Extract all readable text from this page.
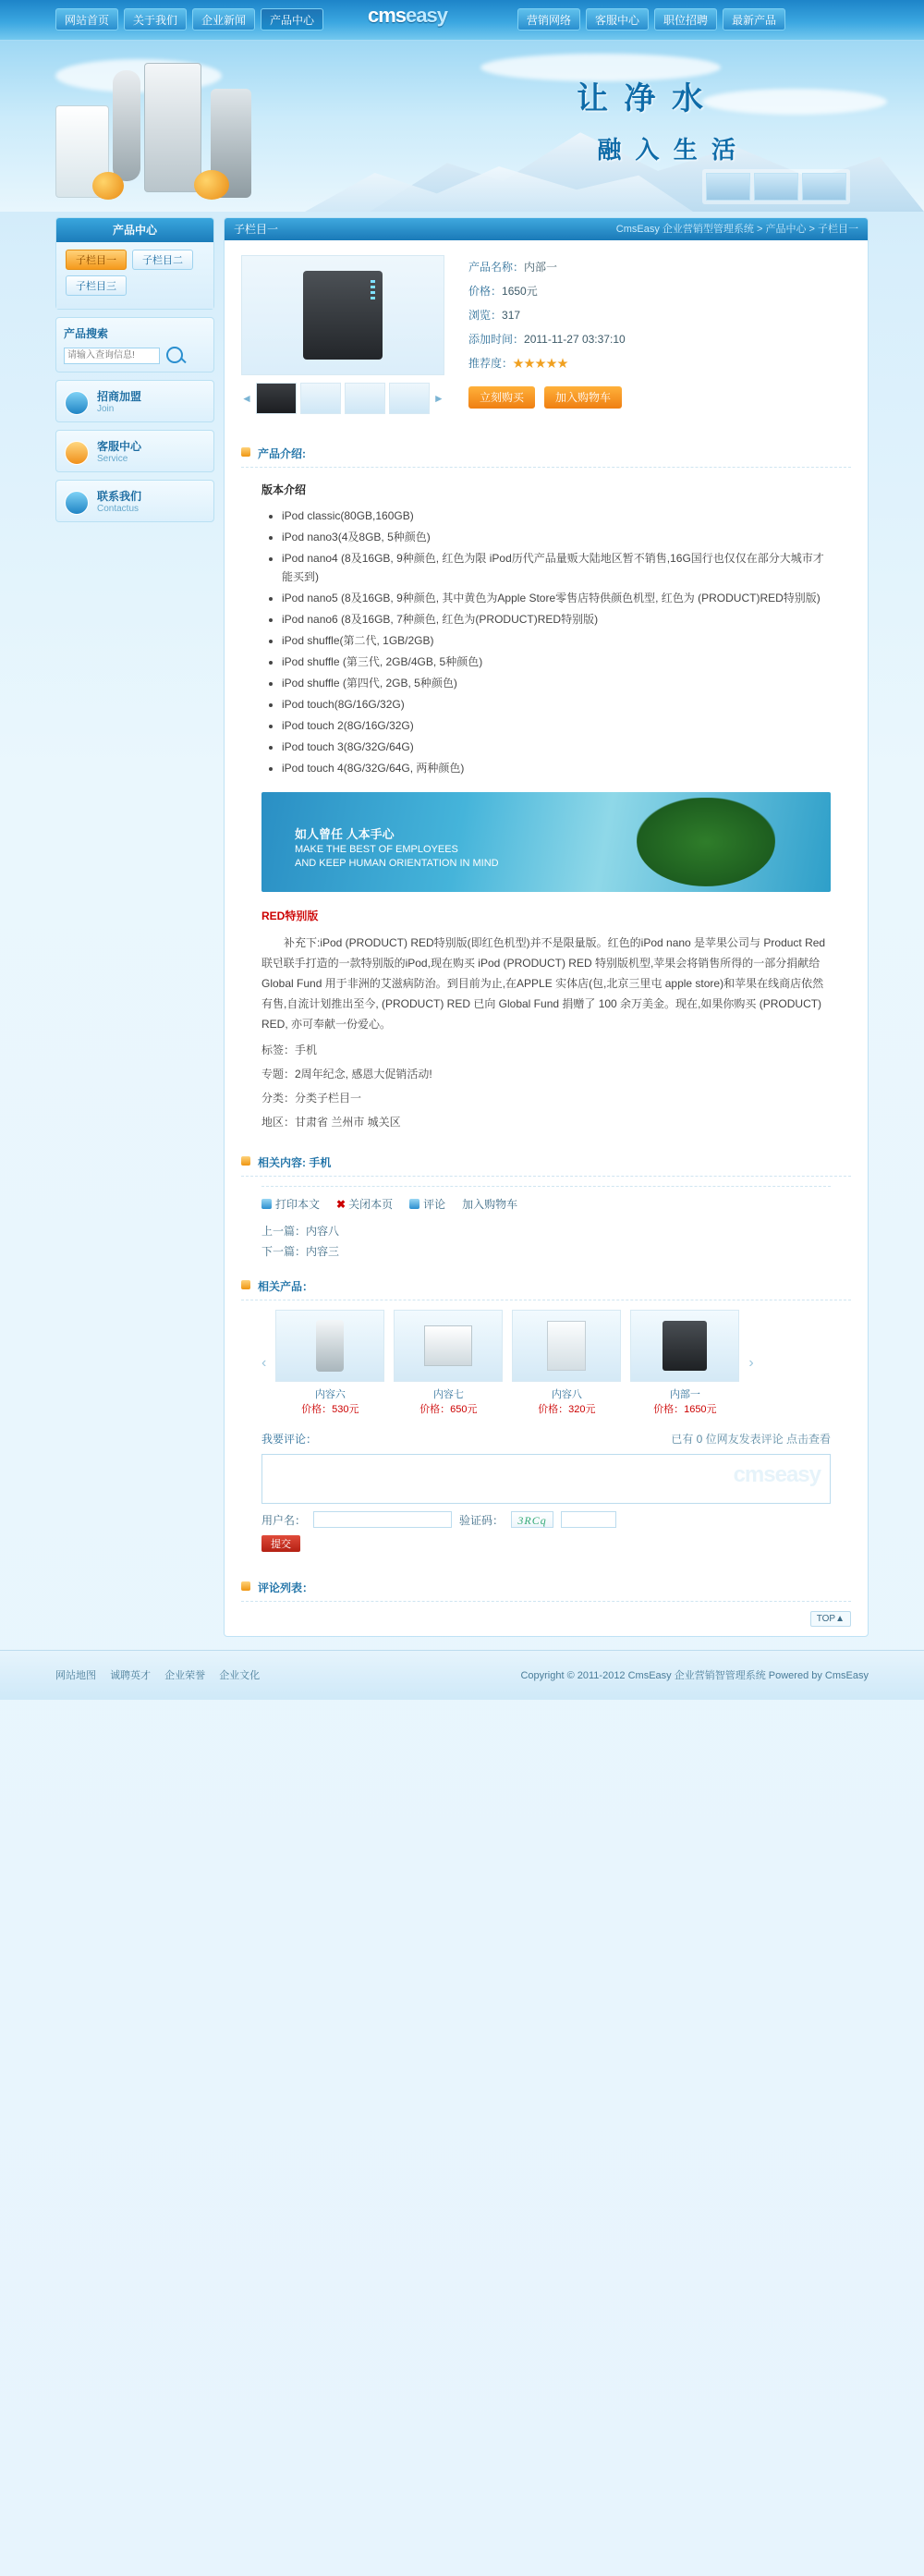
网站首页	关于我们	企业新闻	产品中心	cmseasy	营销网络	客服中心	职位招聘	最新产品
让 净 水
融 入 生 活
产品中心
子栏目一	子栏目二
子栏目三
产品搜索
请输入查询信息!
招商加盟
Join
客服中心
Service
联系我们
Contactus
子栏目一	CmsEasy 企业营销型管理系统 > 产品中心 > 子栏目一
◄	►
产品名称：内部一
价格：1650元
浏览：317
添加时间：2011-11-27 03:37:10
推荐度：★★★★★
立刻购买	加入购物车
产品介绍:
版本介绍
• iPod classic(80GB,160GB)
• iPod nano3(4及8GB, 5种颜色)
• iPod nano4 (8及16GB, 9种颜色, 红色为限 iPod历代产品量贩大陆地区暂不销售,16G国行也仅仅在部分大城市才能买到)
• iPod nano5 (8及16GB, 9种颜色, 其中黄色为Apple Store零售店特供颜色机型, 红色为 (PRODUCT)RED特别版)
• iPod nano6 (8及16GB, 7种颜色, 红色为(PRODUCT)RED特别版)
• iPod shuffle(第二代, 1GB/2GB)
• iPod shuffle (第三代, 2GB/4GB, 5种颜色)
• iPod shuffle (第四代, 2GB, 5种颜色)
• iPod touch(8G/16G/32G)
• iPod touch 2(8G/16G/32G)
• iPod touch 3(8G/32G/64G)
• iPod touch 4(8G/32G/64G, 两种颜色)
如人曾任 人本手心
MAKE THE BEST OF EMPLOYEES
AND KEEP HUMAN ORIENTATION IN MIND
RED特别版
补充下:iPod (PRODUCT) RED特别版(即红色机型)并不是限量版。红色的iPod nano 是苹果公司与 Product Red联던联手打造的一款特别版的iPod,现在购买 iPod (PRODUCT) RED 特别版机型,苹果会将销售所得的一部分捐献给 Global Fund 用于非洲的艾滋病防治。到目前为止,在APPLE 实体店(包,北京三里屯 apple store)和苹果在线商店依然有售,自流计划推出至今, (PRODUCT) RED 已向 Global Fund 捐赠了 100 余万美金。现在,如果你购买 (PRODUCT) RED, 亦可奉献一份爱心。
标签：手机
专题：2周年纪念, 感恩大促销活动!
分类：分类子栏目一
地区：甘肃省 兰州市 城关区
相关内容: 手机
打印本文 ✖ 关闭本页	评论 加入购物车
上一篇：内容八
下一篇：内容三
相关产品：
‹
内容六
价格：530元
内容七
价格：650元
内容八
价格：320元
内部一
价格：1650元
›
我要评论：	已有 0 位网友发表评论 点击查看
cmseasy
用户名：	验证码：	3RCq
提交
评论列表：
TOP▲
网站地图 诚聘英才 企业荣誉 企业文化	Copyright © 2011-2012 CmsEasy 企业营销智管理系统 Powered by CmsEasy
